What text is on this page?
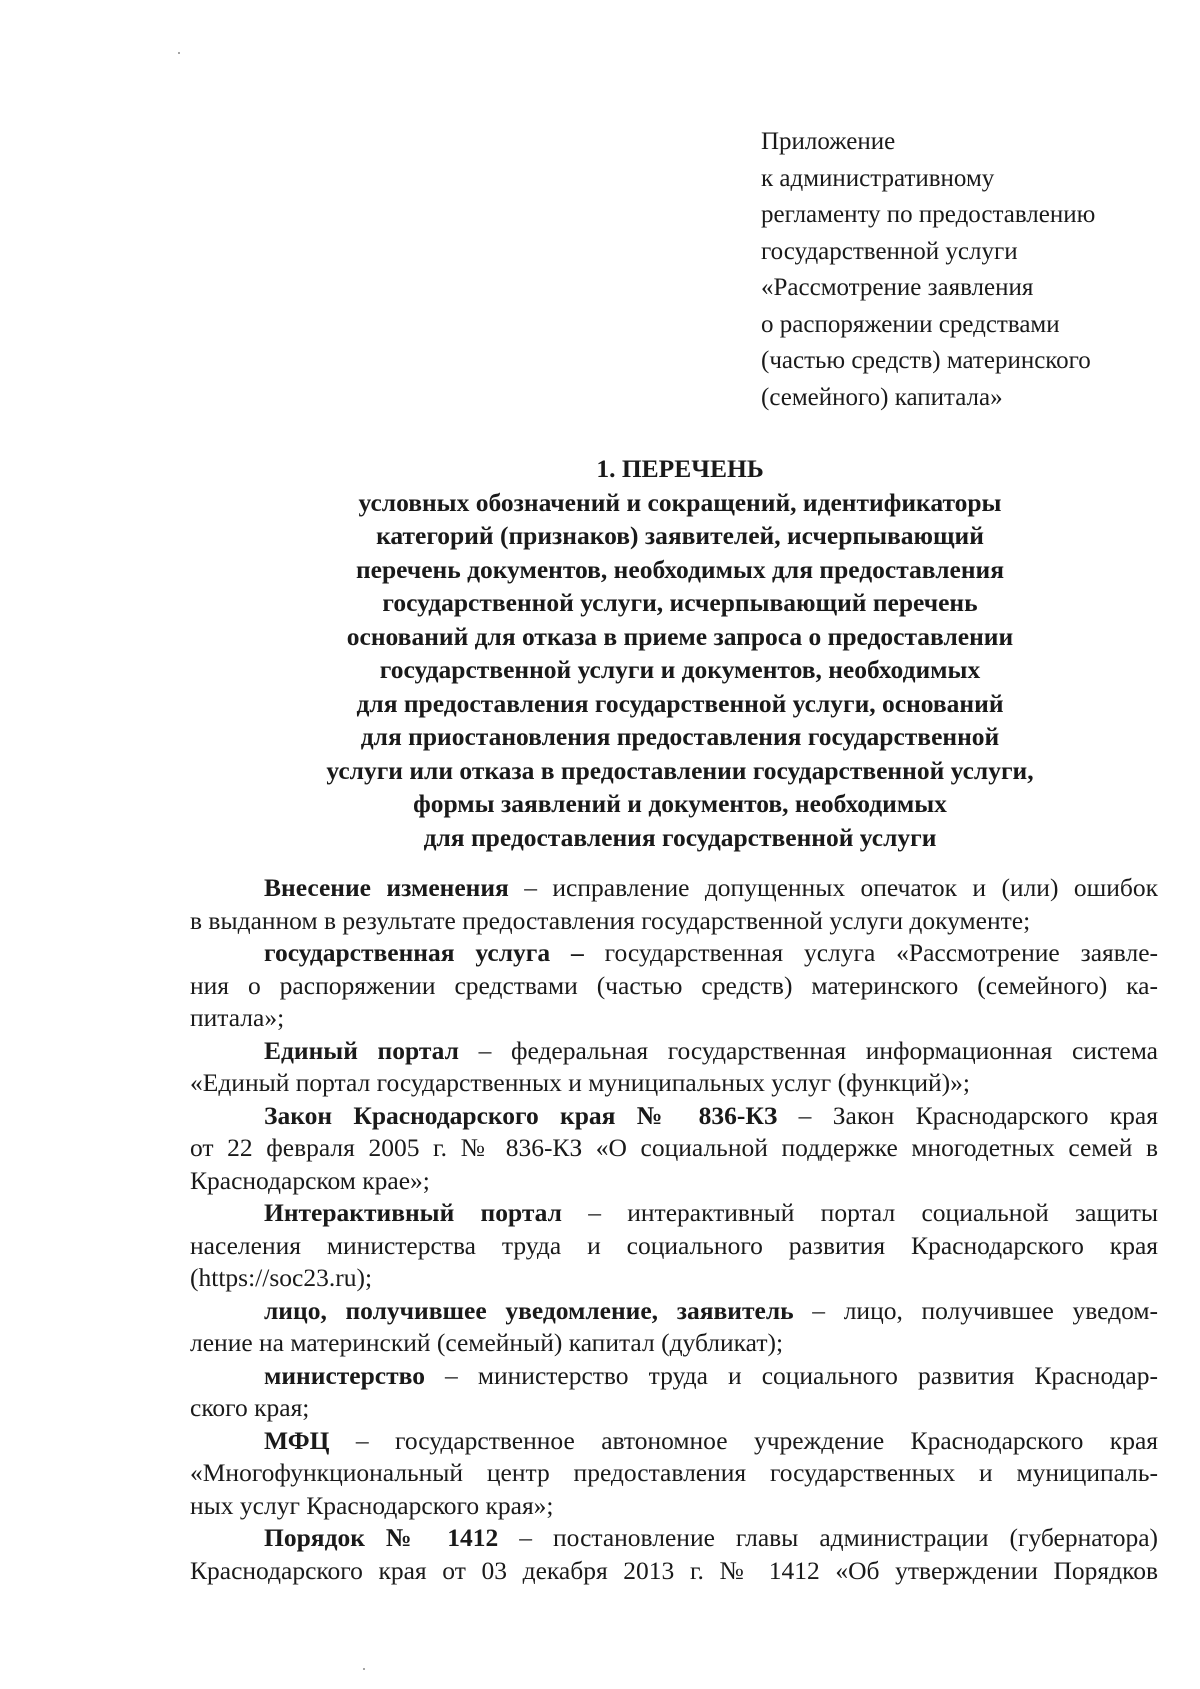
Приложение
к административному
регламенту по предоставлению
государственной услуги
«Рассмотрение заявления
о распоряжении средствами
(частью средств) материнского
(семейного) капитала»
1. ПЕРЕЧЕНЬ
условных обозначений и сокращений, идентификаторы
категорий (признаков) заявителей, исчерпывающий
перечень документов, необходимых для предоставления
государственной услуги, исчерпывающий перечень
оснований для отказа в приеме запроса о предоставлении
государственной услуги и документов, необходимых
для предоставления государственной услуги, оснований
для приостановления предоставления государственной
услуги или отказа в предоставлении государственной услуги,
формы заявлений и документов, необходимых
для предоставления государственной услуги
Внесение изменения – исправление допущенных опечаток и (или) ошибок
в выданном в результате предоставления государственной услуги документе;
государственная услуга – государственная услуга «Рассмотрение заявле-
ния о распоряжении средствами (частью средств) материнского (семейного) ка-
питала»;
Единый портал – федеральная государственная информационная система
«Единый портал государственных и муниципальных услуг (функций)»;
Закон Краснодарского края № 836-КЗ – Закон Краснодарского края
от 22 февраля 2005 г. № 836-КЗ «О социальной поддержке многодетных семей в
Краснодарском крае»;
Интерактивный портал – интерактивный портал социальной защиты
населения министерства труда и социального развития Краснодарского края
(https://soc23.ru);
лицо, получившее уведомление, заявитель – лицо, получившее уведом-
ление на материнский (семейный) капитал (дубликат);
министерство – министерство труда и социального развития Краснодар-
ского края;
МФЦ – государственное автономное учреждение Краснодарского края
«Многофункциональный центр предоставления государственных и муниципаль-
ных услуг Краснодарского края»;
Порядок № 1412 – постановление главы администрации (губернатора)
Краснодарского края от 03 декабря 2013 г. № 1412 «Об утверждении Порядков
